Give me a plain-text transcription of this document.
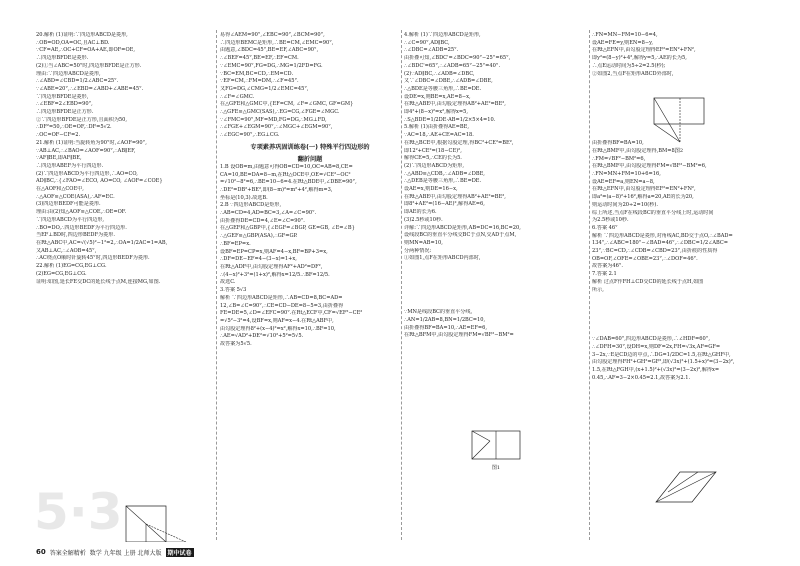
20.解析 (1)证明:∵四边形ABCD是菱形,
∴OB=OD,OA=OC,且AC⊥BD.
∵CF=AE,∴OC+CF=OA+AE,即OF=OE,
∴四边形BFDE是菱形.
(2)①当∠ABC=50°时,四边形BFDE是正方形.
理由:∵四边形ABCD是菱形,
∴∠ABD=∠CBD=1/2∠ABC=25°.
∵∠ABE=20°,∴∠EBD=∠ABD+∠ABE=45°.
∵四边形BFDE是菱形,
∴∠EBF=2∠EBD=90°,
∴四边形BFDE是正方形.
②∵四边形BFDE是正方形,且面积为50,
∴DF²=50,∴OE=OF,∴DF=5√2.
∴OC=OF−CF=2.
21.解析 (1)证明:当旋转角为90°时,∠AOF=90°,
∵AB⊥AC,∴∠BAO=∠AOF=90°,∴AB∥EF,
∵AF∥BE,即AF∥BE,
∴四边形ABEF为平行四边形.
(2)∵四边形ABCD为平行四边形,∴AO=CO,
AD∥BC,∴{∠FAO=∠ECO, AO=CO, ∠AOF=∠COE}
在△AOF和△COE中,
∴△AOF≌△COE(ASA),∴AF=EC.
(3)四边形BEDF可能是菱形.
理由:由(2)知△AOF≌△COE,∴OE=OF.
∵四边形ABCD为平行四边形,
∴BO=DO,∴四边形BEDF为平行四边形.
当EF⊥BD时,四边形BEDF为菱形.
在Rt△ABC中,AC=√(√5)²−1²=2,∴OA=1/2AC=1=AB,
又AB⊥AC,∴∠AOB=45°,
∴AC绕点O顺时针旋转45°时,四边形BEDF为菱形.
22.解析 (1)EG=CG,EG⊥CG.
(2)EG=CG,EG⊥CG.
证明:如图,延长FE交DC的延长线于点M,连接MG,如图.
易得∠AEM=90°,∠EBC=90°,∠BCM=90°,
∴四边形BEMC是矩形,∴BE=CM,∠EMC=90°,
由题意,∠BDC=45°,BE=EF,∠ABC=90°,
∴∠BEF=45°,BE=EF,∴EF=CM.
∵∠EMC=90°,FG=DG,∴MG=1/2FD=FG.
∵BC=EM,BC=CD,∴EM=CD.
∵EF=CM,∴FM=DM,∴∠F=45°.
又FG=DG,∠CMG=1/2∠EMC=45°,
∴∠F=∠GMC.
在△GFE和△GMC中,{EF=CM, ∠F=∠GMC, GF=GM}
∴△GFE≌△GMC(SAS),∴EG=CG,∠FGE=∠MGC.
∵∠FMC=90°,MF=MD,FG=DG,∴MG⊥FD,
∴∠FGE+∠EGM=90°,∴∠MGC+∠EGM=90°,
∴∠EGC=90°,∴EG⊥CG.
专项素养巩固训练卷(一) 特殊平行四边形的
翻折问题
1.B 设OB=m,由题意可得OB=CD=10,OC=AB=8,CE=
CA=10,BE=DA=8−m,在Rt△OCE中,OE=√CE²−OC²
=√10²−8²=6,∴BE=10−6=4.在Rt△BDE中,∠DBE=90°,
∴DE²=DB²+BE²,即(8−m)²=m²+4²,解得m=3,
坐标是(10,3).故选B.
2.B ∵四边形ABCD是矩形,
∴AB=CD=4,AD=BC=3,∠A=∠C=90°.
由折叠得DE=CD=4,∠E=∠C=90°.
在△GEF和△GBP中,{∠EGF=∠BGP, GE=GB, ∠E=∠B}
∴△GEF≌△GBP(ASA),∴GF=GP.
∴BF=EP=x.
设BF=EP=CP=x,则AF=4−x,BF=BP+3=x,
∴DF=DE−EF=4−(3−x)=1+x,
在Rt△ADF中,由勾股定理得AF²+AD²=DF²,
∴(4−x)²+3²=(1+x)²,解得x=12/5.∴BF=12/5.
故选C.
3.答案 5√3
解析 ∵四边形ABCD是矩形,∴AB=CD=8,BC=AD=
12,∠B=∠C=90°,∴CE=CD−DE=8−5=3,由折叠得
FE=DE=5,∠D=∠EFC=90°.在Rt△ECF中,CF=√EF²−CE²
=√5²−3²=4,设BF=x,则AF=x−4.在Rt△ABF中,
由勾股定理得8²+(x−4)²=x²,解得x=10,∴BF=10,
∴AE=√AD²+DE²=√10²+5²=5√5.
故答案为5√5.
图1
4.解析 (1)∵四边形ABCD是矩形,
∴∠C=90°,AD∥BC,
∴∠DBC=∠ADB=25°.
由折叠可知,∠BDC'=∠BDC=90°−25°=65°,
∴∠BDC'=65°,∴∠ADB=65°−25°=40°.
(2)∵AD∥BC,∴∠ADB=∠DBC,
又∵∠DBC=∠DBE,∴∠ADB=∠DBE,
∴△BDE是等腰三角形,∴BE=DE.
设DE=x,则BE=x,AE=8−x,
在Rt△ABE中,由勾股定理得AB²+AE²=BE²,
即4²+(8−x)²=x²,解得x=5,
∴S△BDE=1/2DE·AB=1/2×5×4=10.
5.解析 (1)由折叠得AE=BE,
∵AC=18,∴AE+CE=AC=18.
在Rt△BCE中,根据勾股定理,得BC²+CE²=BE²,
即12²+CE²=(18−CE)²,
解得CE=5,∴CE的长为5.
(2)∵四边形ABCD为矩形,
∴△ABD≌△CDB,∴∠ADB=∠DBE,
∴△DEB是等腰三角形,∴BE=DE.
设AE=x,则DE=16−x,
在Rt△ABE中,由勾股定理得AB²+AE²=BE²,
即8²+AE²=(16−AE)²,解得AE=6,
即AE的长为6.
(3)2.5秒或10秒.
详解:∵四边形ABCD是矩形,AB=DC=16,BC=20,
设线段BC的垂直平分线交BC于点N,交AD于点M,
则MN=AB=10,
分两种情况:
①如图1,点F在矩形ABCD内部时,
∵MN是线段BC的垂直平分线,
∴AN=1/2AB=8,BN=1/2BC=10,
由折叠得BF=BA=10,∴AE=EF=6,
在Rt△BFM中,由勾股定理得FM=√BF²−BM²=
图2
∴FN=MN−FM=10−6=4,
设AE=FE=y,则EN=8−y,
在Rt△EFN中,由勾股定理得EF²=EN²+FN²,
即y²=(8−y)²+4²,解得y=5,∴AE的长为5,
∴点E运动时间为5÷2=2.5(秒);
②如图2,当点F在矩形ABCD外部时,
由折叠得BF=BA=10,
在Rt△BMF中,由勾股定理得,BM=8,
∴FM=√BF²−BM²=6,
在Rt△BMF中,由勾股定理得FM=√BF²−BM²=6,
∴FN=MN+FM=10+6=16,
设AE=EF=a,则EN=a−8,
在Rt△EFN中,由勾股定理得EF²=EN²+FN²,
即a²=(a−8)²+16²,解得a=20,AE的长为20,
则运动时间为20÷2=10(秒).
综上所述,当点F在线段BC的垂直平分线上时,运动时间
为2.5秒或10秒.
6.答案 46°
解析 ∵四边形ABCD是菱形,对角线AC,BD交于点O,∴∠BAD=
134°,∴∠ABC=180°−∠BAD=46°,∴∠DBC=1/2∠ABC=
23°,∵BC=CD,∴∠CDB=∠CBD=23°,由折痕的性质得
OB=OF,∠OFE=∠OBE=23°,∴∠DOF=46°.
故答案为46°.
7.答案 2.1
解析 过点F作FH⊥CD交CD的延长线于点H,如图
所示,
∵∠DAB=60°,四边形ABCD是菱形,∴∠HDF=60°,
∴∠DFH=30°,设DH=x,则DF=2x,FH=√3x,AF=GF=
3−2x,∵E是CD边的中点,∴DG=1/2DC=1.5,在Rt△GHF中,
由勾股定理得FH²+GH²=GF²,即(√3x)²+(1.5+x)²=(3−2x)²,
1.5,在Rt△FGH中,(x+1.5)²+(√3x)²=(3−2x)²,解得x=
0.45,∴AF=3−2×0.45=2.1,故答案为2.1.
5·3
60 答案全解精析 数学 九年级 上册 北师大版	期中试卷
